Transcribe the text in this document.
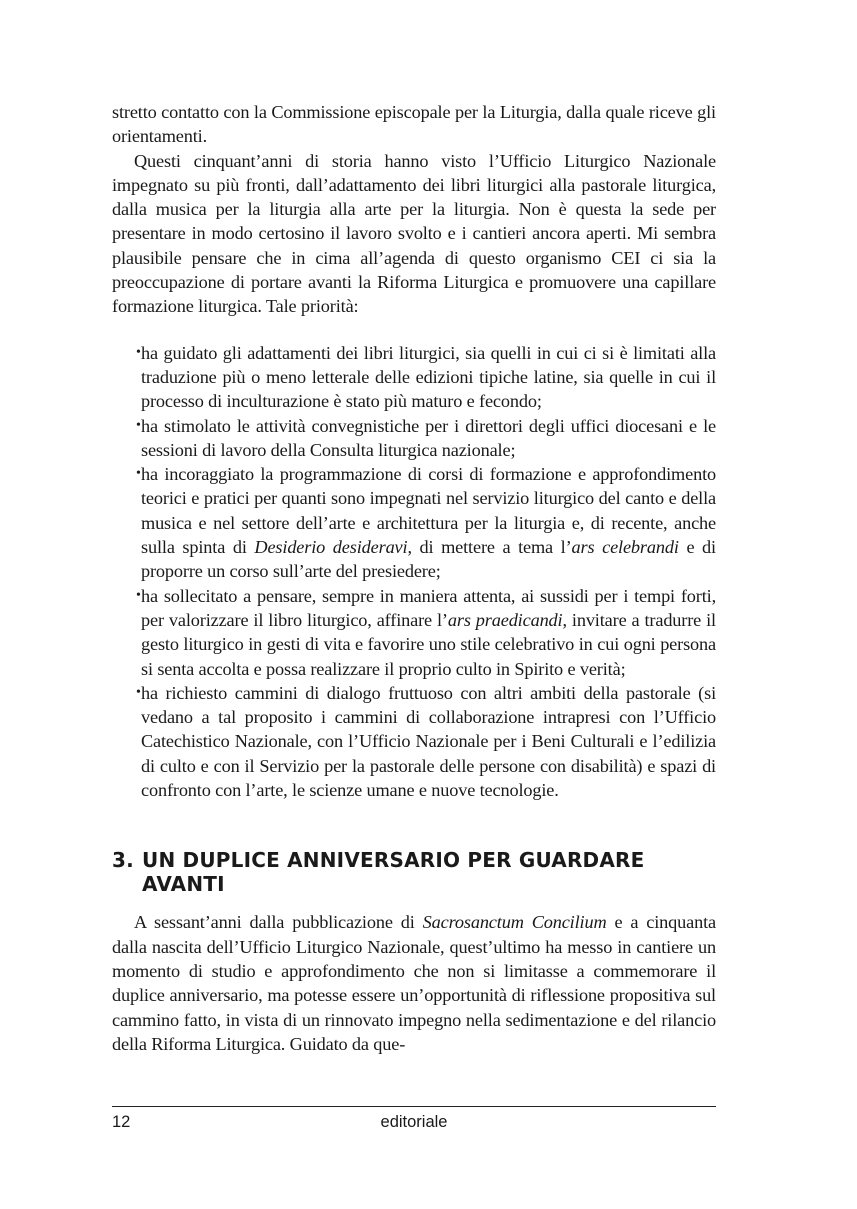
stretto contatto con la Commissione episcopale per la Liturgia, dalla quale riceve gli orientamenti.

Questi cinquant’anni di storia hanno visto l’Ufficio Liturgico Nazionale impegnato su più fronti, dall’adattamento dei libri liturgici alla pastorale liturgica, dalla musica per la liturgia alla arte per la liturgia. Non è questa la sede per presentare in modo certosino il lavoro svolto e i cantieri ancora aperti. Mi sembra plausibile pensare che in cima all’agenda di questo organismo CEI ci sia la preoccupazione di portare avanti la Riforma Liturgica e promuovere una capillare formazione liturgica. Tale priorità:

• ha guidato gli adattamenti dei libri liturgici, sia quelli in cui ci si è limitati alla traduzione più o meno letterale delle edizioni tipiche latine, sia quelle in cui il processo di inculturazione è stato più maturo e fecondo;
• ha stimolato le attività convegnistiche per i direttori degli uffici diocesani e le sessioni di lavoro della Consulta liturgica nazionale;
• ha incoraggiato la programmazione di corsi di formazione e approfondimento teorici e pratici per quanti sono impegnati nel servizio liturgico del canto e della musica e nel settore dell’arte e architettura per la liturgia e, di recente, anche sulla spinta di Desiderio desideravi, di mettere a tema l’ars celebrandi e di proporre un corso sull’arte del presiedere;
• ha sollecitato a pensare, sempre in maniera attenta, ai sussidi per i tempi forti, per valorizzare il libro liturgico, affinare l’ars praedicandi, invitare a tradurre il gesto liturgico in gesti di vita e favorire uno stile celebrativo in cui ogni persona si senta accolta e possa realizzare il proprio culto in Spirito e verità;
• ha richiesto cammini di dialogo fruttuoso con altri ambiti della pastorale (si vedano a tal proposito i cammini di collaborazione intrapresi con l’Ufficio Catechistico Nazionale, con l’Ufficio Nazionale per i Beni Culturali e l’edilizia di culto e con il Servizio per la pastorale delle persone con disabilità) e spazi di confronto con l’arte, le scienze umane e nuove tecnologie.
3. UN DUPLICE ANNIVERSARIO PER GUARDARE AVANTI

A sessant’anni dalla pubblicazione di Sacrosanctum Concilium e a cinquanta dalla nascita dell’Ufficio Liturgico Nazionale, quest’ultimo ha messo in cantiere un momento di studio e approfondimento che non si limitasse a commemorare il duplice anniversario, ma potesse essere un’opportunità di riflessione propositiva sul cammino fatto, in vista di un rinnovato impegno nella sedimentazione e del rilancio della Riforma Liturgica. Guidato da que-

12	editoriale
